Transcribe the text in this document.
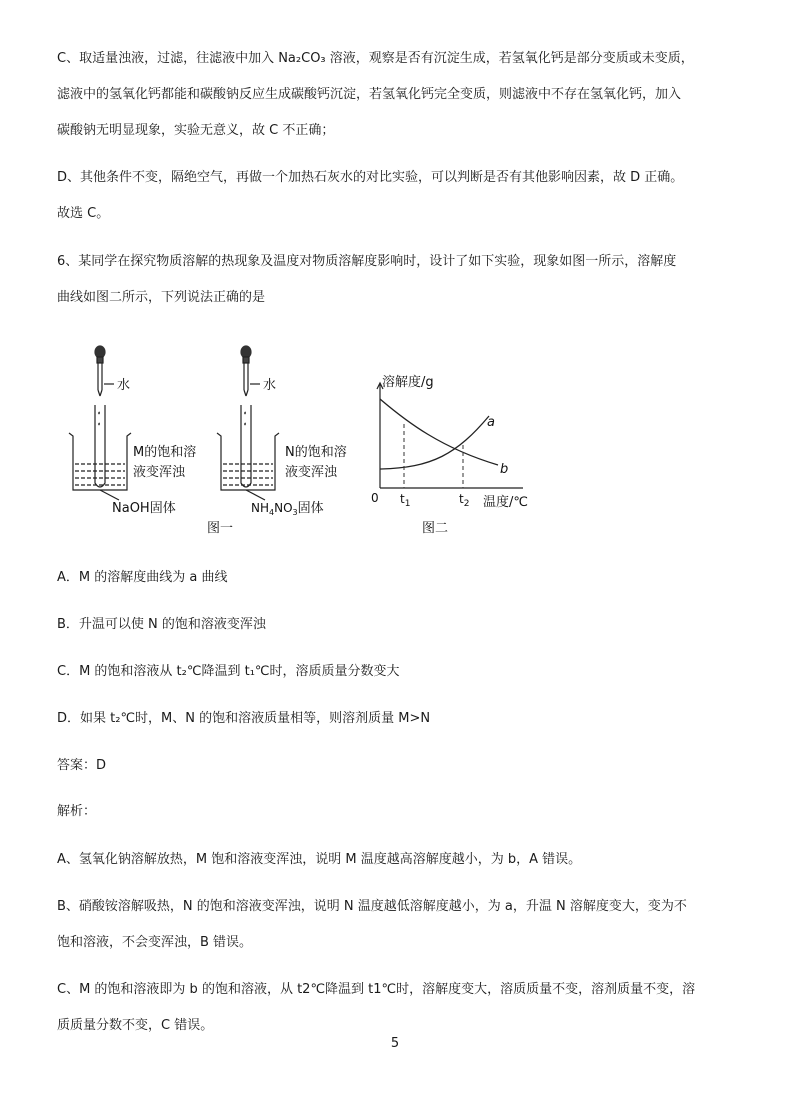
C、取适量浊液，过滤，往滤液中加入 Na₂CO₃ 溶液，观察是否有沉淀生成，若氢氧化钙是部分变质或未变质，
滤液中的氢氧化钙都能和碳酸钠反应生成碳酸钙沉淀，若氢氧化钙完全变质，则滤液中不存在氢氧化钙，加入
碳酸钠无明显现象，实验无意义，故 C 不正确；
D、其他条件不变，隔绝空气，再做一个加热石灰水的对比实验，可以判断是否有其他影响因素，故 D 正确。
故选 C。
6、某同学在探究物质溶解的热现象及温度对物质溶解度影响时，设计了如下实验，现象如图一所示，溶解度
曲线如图二所示，下列说法正确的是
水
M的饱和溶
液变浑浊
NaOH固体
水
N的饱和溶
液变浑浊
$NH_4NO_3$固体
图一
溶解度/g
a
b
0 $t_1$	$t_2$ 温度/℃
图二
A．M 的溶解度曲线为 a 曲线
B．升温可以使 N 的饱和溶液变浑浊
C．M 的饱和溶液从 t₂℃降温到 t₁℃时，溶质质量分数变大
D．如果 t₂℃时，M、N 的饱和溶液质量相等，则溶剂质量 M>N
答案：D
解析：
A、氢氧化钠溶解放热，M 饱和溶液变浑浊，说明 M 温度越高溶解度越小，为 b，A 错误。
B、硝酸铵溶解吸热，N 的饱和溶液变浑浊，说明 N 温度越低溶解度越小，为 a，升温 N 溶解度变大，变为不
饱和溶液，不会变浑浊，B 错误。
C、M 的饱和溶液即为 b 的饱和溶液，从 t2℃降温到 t1℃时，溶解度变大，溶质质量不变，溶剂质量不变，溶
质质量分数不变，C 错误。
5
